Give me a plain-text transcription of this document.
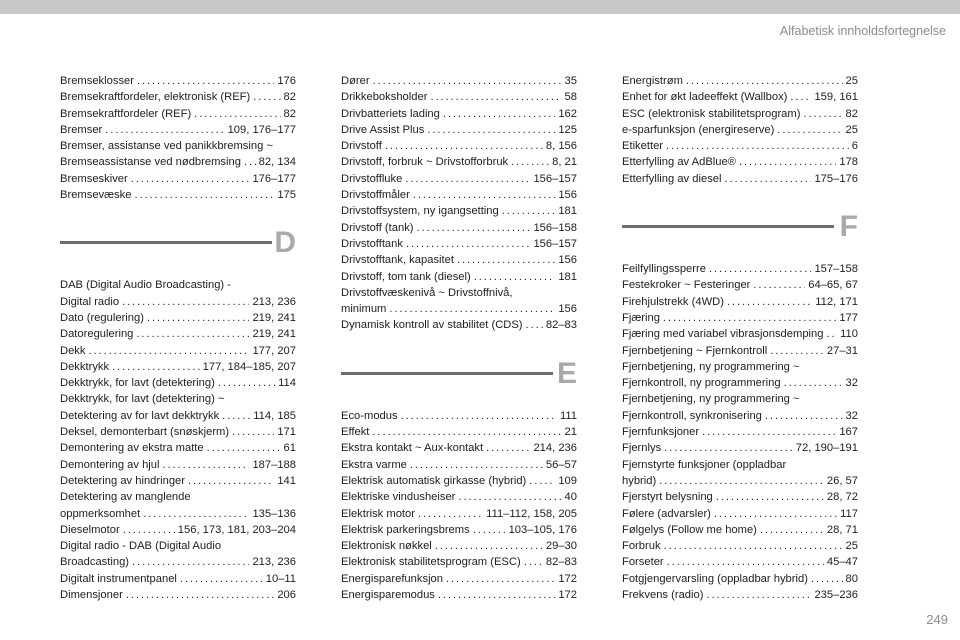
Alfabetisk innholdsfortegnelse
Bremseklosser . . .	176
Bremsekraftfordeler, elektronisk (REF) . . .	82
Bremsekraftfordeler (REF) . . .	82
Bremser . . .	109, 176–177
Bremser, assistanse ved panikkbremsing ~
Bremseassistanse ved nødbremsing . . . 82, 134
Bremseskiver . . .	176–177
Bremsevæske . . .	175
D
DAB (Digital Audio Broadcasting) -
Digital radio . . .	213, 236
Dato (regulering) . . .	219, 241
Datoregulering . . .	219, 241
Dekk . . .	177, 207
Dekktrykk . . .	177, 184–185, 207
Dekktrykk, for lavt (detektering) . . .	114
Dekktrykk, for lavt (detektering) ~
Detektering av for lavt dekktrykk . . .	114, 185
Deksel, demonterbart (snøskjerm) . . .	171
Demontering av ekstra matte . . .	61
Demontering av hjul . . .	187–188
Detektering av hindringer . . .	141
Detektering av manglende
oppmerksomhet . . .	135–136
Dieselmotor . . .	156, 173, 181, 203–204
Digital radio - DAB (Digital Audio
Broadcasting) . . .	213, 236
Digitalt instrumentpanel . . .	10–11
Dimensjoner . . .	206
Dører . . .	35
Drikkeboksholder . . .	58
Drivbatteriets lading . . .	162
Drive Assist Plus . . .	125
Drivstoff . . .	8, 156
Drivstoff, forbruk ~ Drivstofforbruk . . .	8, 21
Drivstoffluke . . .	156–157
Drivstoffmåler . . .	156
Drivstoffsystem, ny igangsetting . . .	181
Drivstoff (tank) . . .	156–158
Drivstofftank . . .	156–157
Drivstofftank, kapasitet . . .	156
Drivstoff, tom tank (diesel) . . .	181
Drivstoffvæskenivå ~ Drivstoffnivå,
minimum . . .	156
Dynamisk kontroll av stabilitet (CDS) . . . 82–83
E
Eco-modus . . .	111
Effekt . . .	21
Ekstra kontakt ~ Aux-kontakt . . .	214, 236
Ekstra varme . . .	56–57
Elektrisk automatisk girkasse (hybrid) . . .	109
Elektriske vindusheiser . . .	40
Elektrisk motor . . .	111–112, 158, 205
Elektrisk parkeringsbrems . . .	103–105, 176
Elektronisk nøkkel . . .	29–30
Elektronisk stabilitetsprogram (ESC) . . . 82–83
Energisparefunksjon . . .	172
Energisparemodus . . .	172
Energistrøm . . .	25
Enhet for økt ladeeffekt (Wallbox) . . . 159, 161
ESC (elektronisk stabilitetsprogram) . . .	82
e-sparfunksjon (energireserve) . . .	25
Etiketter . . .	6
Etterfylling av AdBlue® . . .	178
Etterfylling av diesel . . .	175–176
F
Feilfyllingssperre . . .	157–158
Festekroker ~ Festeringer . . .	64–65, 67
Firehjulstrekk (4WD) . . .	112, 171
Fjæring . . .	177
Fjæring med variabel vibrasjonsdemping . . . 110
Fjernbetjening ~ Fjernkontroll . . .	27–31
Fjernbetjening, ny programmering ~
Fjernkontroll, ny programmering . . .	32
Fjernbetjening, ny programmering ~
Fjernkontroll, synkronisering . . .	32
Fjernfunksjoner . . .	167
Fjernlys . . .	72, 190–191
Fjernstyrte funksjoner (oppladbar
hybrid) . . .	26, 57
Fjerstyrt belysning . . .	28, 72
Følere (advarsler) . . .	117
Følgelys (Follow me home) . . .	28, 71
Forbruk . . .	25
Forseter . . .	45–47
Fotgjengervarsling (oppladbar hybrid) . . .	80
Frekvens (radio) . . .	235–236
249
